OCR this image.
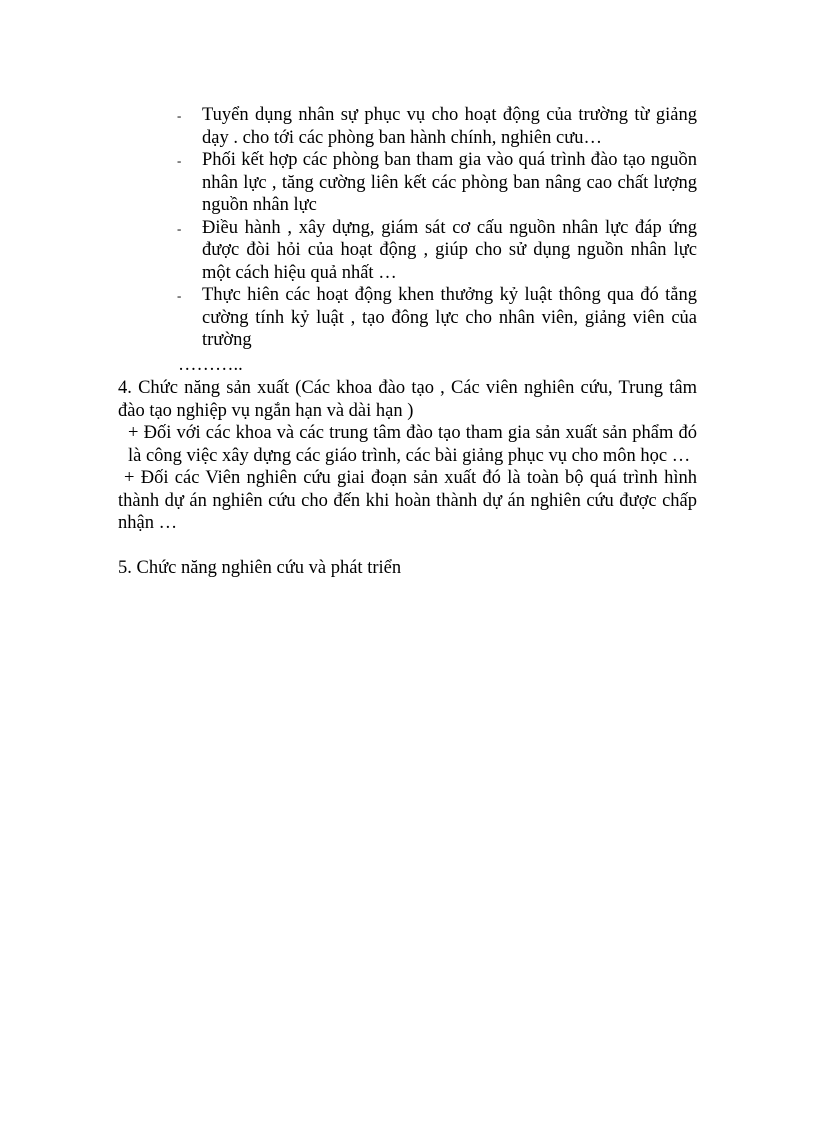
- Tuyển dụng nhân sự phục vụ cho hoạt động của trường từ giảng dạy . cho tới các phòng ban hành chính, nghiên cưu…
- Phối kết hợp các phòng ban tham gia vào quá trình đào tạo nguồn nhân lực , tăng cường liên kết các phòng ban nâng cao chất lượng nguồn nhân lực
- Điều hành , xây dựng, giám sát cơ cấu nguồn nhân lực đáp ứng được đòi hỏi của hoạt động , giúp cho sử dụng nguồn nhân lực một cách hiệu quả nhất …
- Thực hiên các hoạt động khen thưởng kỷ luật thông qua đó tẳng cường tính kỷ luật , tạo đông lực cho nhân viên, giảng viên của trường
………..

4. Chức năng sản xuất (Các khoa đào tạo , Các viên nghiên cứu, Trung tâm đào tạo nghiệp vụ ngắn hạn và dài hạn )

+ Đối với các khoa và các trung tâm đào tạo tham gia sản xuất sản phẩm đó là công việc xây dựng các giáo trình, các bài giảng phục vụ cho môn học …

+ Đối các Viên nghiên cứu giai đoạn sản xuất đó là toàn bộ quá trình hình thành dự án nghiên cứu cho đến khi hoàn thành dự án nghiên cứu được chấp nhận …

5. Chức năng nghiên cứu và phát triển
